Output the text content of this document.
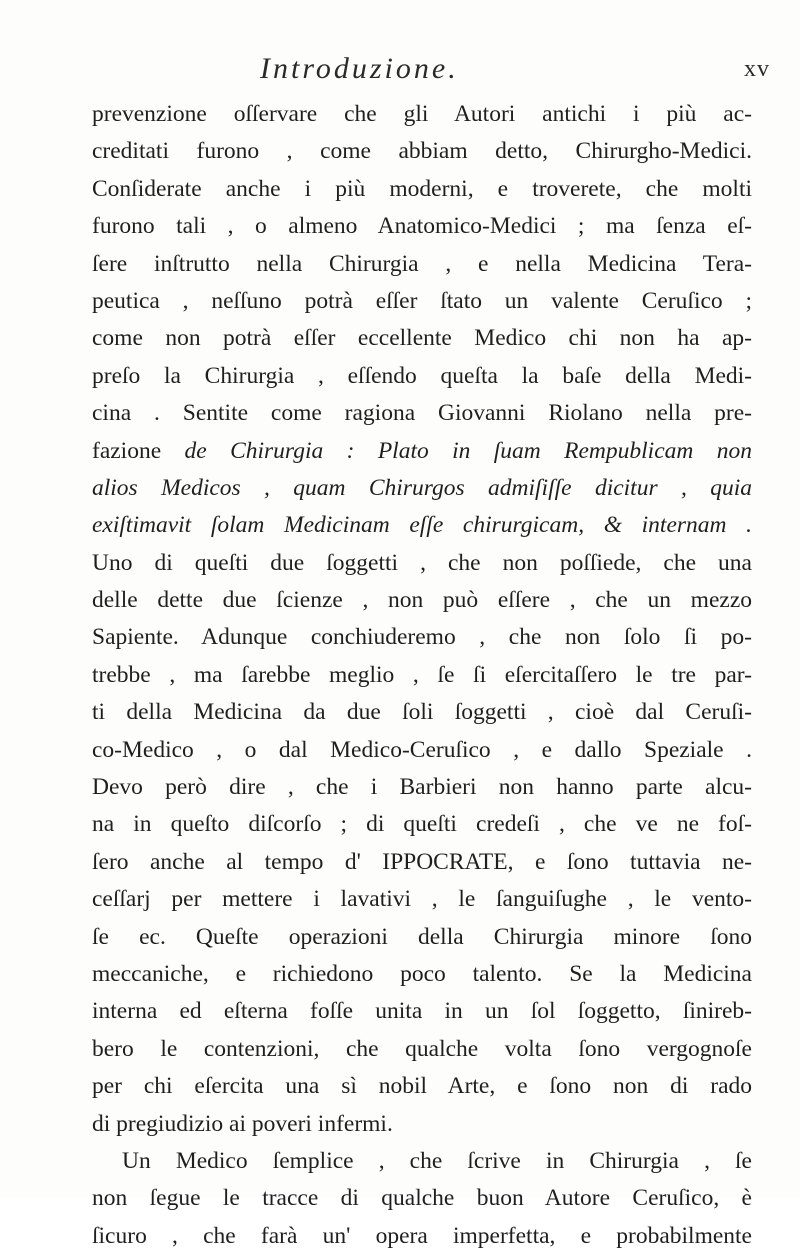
Introduzione.	xv
prevenzione oſſervare che gli Autori antichi i più ac-
creditati furono , come abbiam detto, Chirurgho-Medici.
Conſiderate anche i più moderni, e troverete, che molti
furono tali , o almeno Anatomico-Medici ; ma ſenza eſ-
ſere inſtrutto nella Chirurgia , e nella Medicina Tera-
peutica , neſſuno potrà eſſer ſtato un valente Ceruſico ;
come non potrà eſſer eccellente Medico chi non ha ap-
preſo la Chirurgia , eſſendo queſta la baſe della Medi-
cina . Sentite come ragiona Giovanni Riolano nella pre-
fazione de Chirurgia : Plato in ſuam Rempublicam non
alios Medicos , quam Chirurgos admiſiſſe dicitur , quia
exiſtimavit ſolam Medicinam eſſe chirurgicam, & internam .
Uno di queſti due ſoggetti , che non poſſiede, che una
delle dette due ſcienze , non può eſſere , che un mezzo
Sapiente. Adunque conchiuderemo , che non ſolo ſi po-
trebbe , ma ſarebbe meglio , ſe ſi eſercitaſſero le tre par-
ti della Medicina da due ſoli ſoggetti , cioè dal Ceruſi-
co-Medico , o dal Medico-Ceruſico , e dallo Speziale .
Devo però dire , che i Barbieri non hanno parte alcu-
na in queſto diſcorſo ; di queſti credeſi , che ve ne foſ-
ſero anche al tempo d' IPPOCRATE, e ſono tuttavia ne-
ceſſarj per mettere i lavativi , le ſanguiſughe , le vento-
ſe ec. Queſte operazioni della Chirurgia minore ſono
meccaniche, e richiedono poco talento. Se la Medicina
interna ed eſterna foſſe unita in un ſol ſoggetto, ſinireb-
bero le contenzioni, che qualche volta ſono vergognoſe
per chi eſercita una sì nobil Arte, e ſono non di rado
di pregiudizio ai poveri infermi.
Un Medico ſemplice , che ſcrive in Chirurgia , ſe
non ſegue le tracce di qualche buon Autore Ceruſico, è
ſicuro , che farà un' opera imperfetta, e probabilmente
